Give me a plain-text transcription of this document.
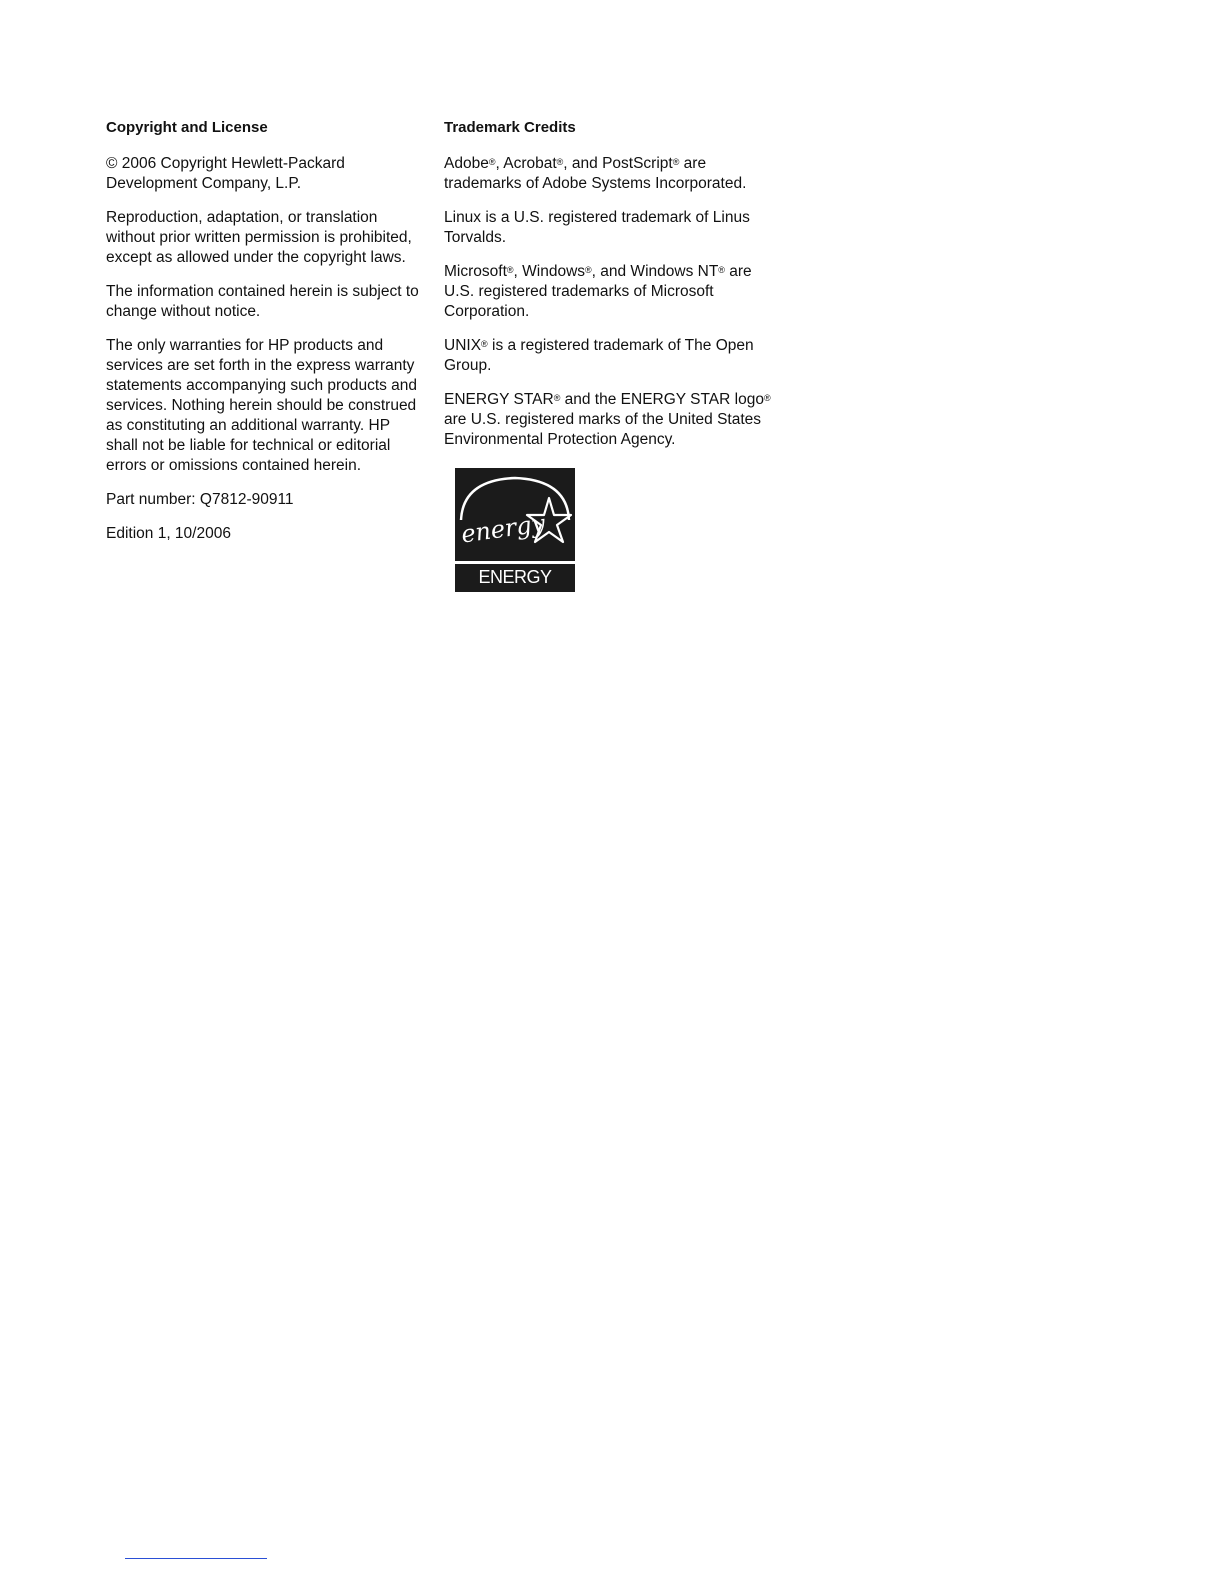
Copyright and License

© 2006 Copyright Hewlett-Packard Development Company, L.P.

Reproduction, adaptation, or translation without prior written permission is prohibited, except as allowed under the copyright laws.

The information contained herein is subject to change without notice.

The only warranties for HP products and services are set forth in the express warranty statements accompanying such products and services. Nothing herein should be construed as constituting an additional warranty. HP shall not be liable for technical or editorial errors or omissions contained herein.

Part number: Q7812-90911

Edition 1, 10/2006

Trademark Credits

Adobe®, Acrobat®, and PostScript® are trademarks of Adobe Systems Incorporated.

Linux is a U.S. registered trademark of Linus Torvalds.

Microsoft®, Windows®, and Windows NT® are U.S. registered trademarks of Microsoft Corporation.

UNIX® is a registered trademark of The Open Group.

ENERGY STAR® and the ENERGY STAR logo® are U.S. registered marks of the United States Environmental Protection Agency.

energy
ENERGY STAR
